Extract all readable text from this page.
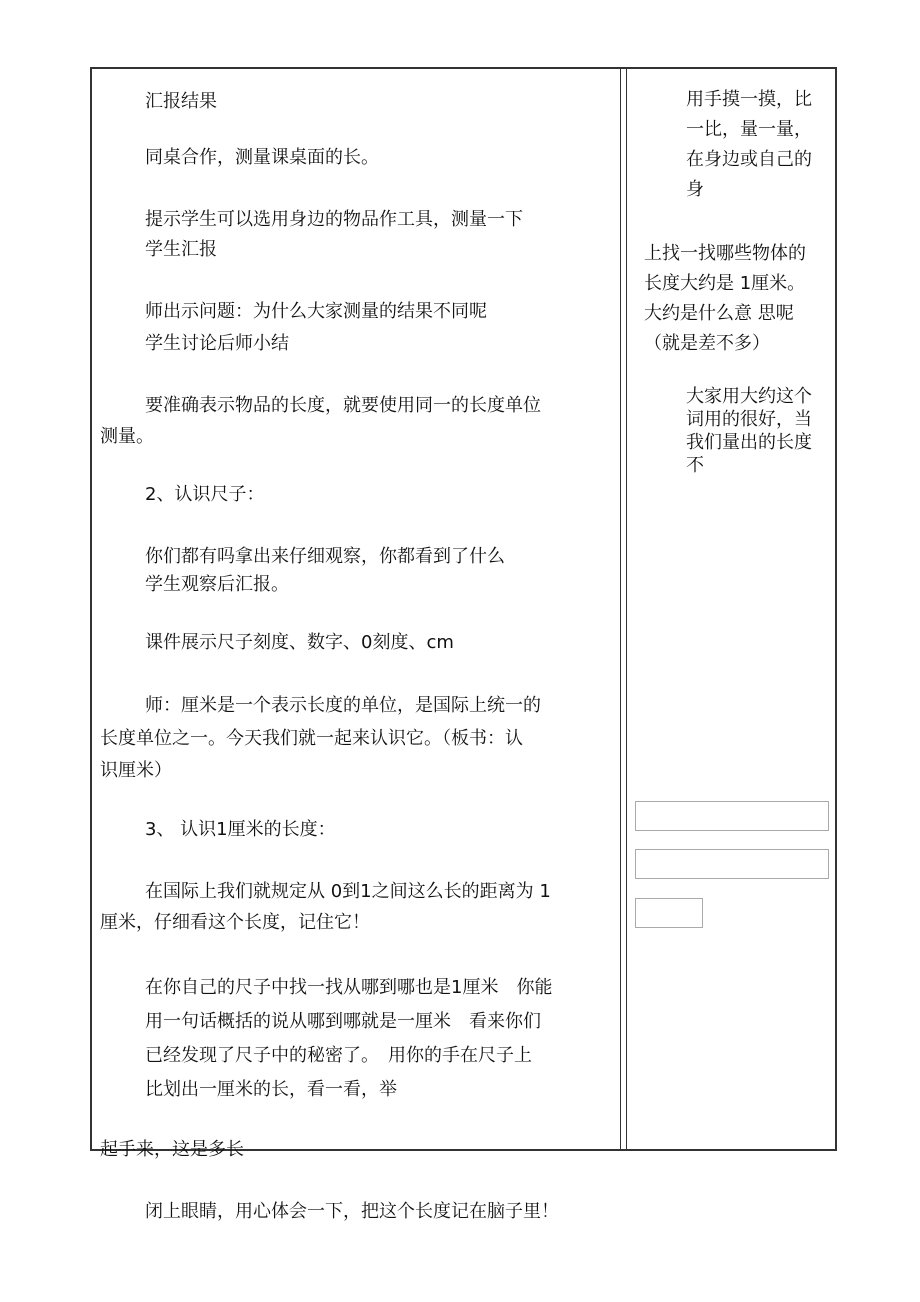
汇报结果
同桌合作，测量课桌面的长。
提示学生可以选用身边的物品作工具，测量一下
学生汇报
师出示问题：为什么大家测量的结果不同呢
学生讨论后师小结
要准确表示物品的长度，就要使用同一的长度单位
测量。
2、认识尺子：
你们都有吗拿出来仔细观察，你都看到了什么
学生观察后汇报。
课件展示尺子刻度、数字、0刻度、cm
师：厘米是一个表示长度的单位，是国际上统一的
长度单位之一。今天我们就一起来认识它。（板书：认
识厘米）
3、 认识1厘米的长度：
在国际上我们就规定从 0到1之间这么长的距离为 1
厘米，仔细看这个长度，记住它！
在你自己的尺子中找一找从哪到哪也是1厘米　你能
用一句话概括的说从哪到哪就是一厘米　看来你们
已经发现了尺子中的秘密了。　用你的手在尺子上
比划出一厘米的长，看一看，举
用手摸一摸，比
一比，量一量，
在身边或自己的
身
上找一找哪些物体的
长度大约是 1厘米。
大约是什么意 思呢
（就是差不多）
大家用大约这个
词用的很好，当
我们量出的长度
不
起手来，这是多长
闭上眼睛，用心体会一下，把这个长度记在脑子里！
